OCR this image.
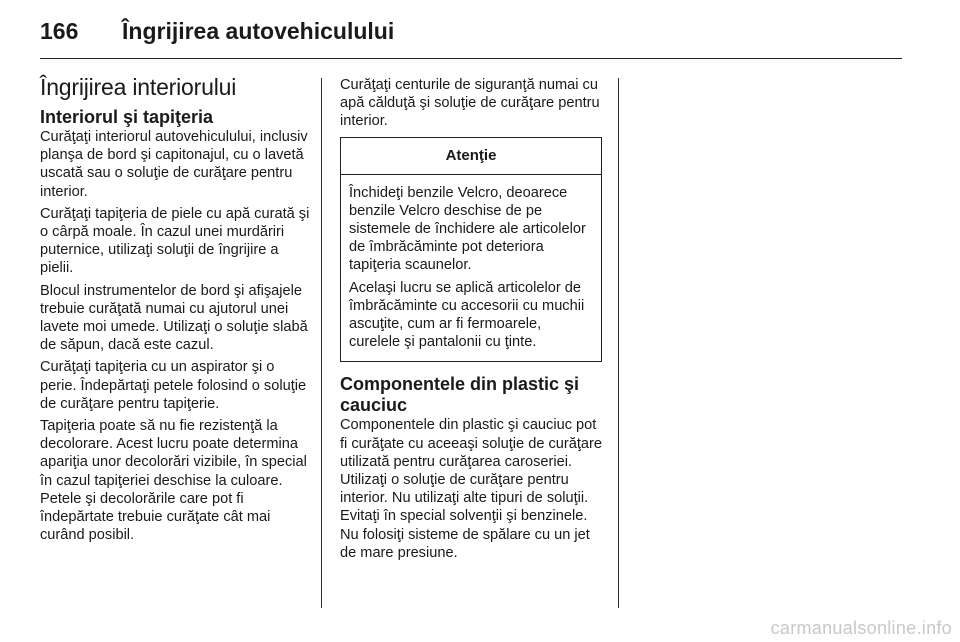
166 Îngrijirea autovehiculului
Îngrijirea interiorului
Interiorul şi tapiţeria

Curăţaţi interiorul autovehiculului, inclusiv planşa de bord şi capitonajul, cu o lavetă uscată sau o soluţie de curăţare pentru interior.

Curăţaţi tapiţeria de piele cu apă curată şi o cârpă moale. În cazul unei murdăriri puternice, utilizaţi soluţii de îngrijire a pielii.

Blocul instrumentelor de bord şi afişajele trebuie curăţată numai cu ajutorul unei lavete moi umede. Utilizaţi o soluţie slabă de săpun, dacă este cazul.

Curăţaţi tapiţeria cu un aspirator şi o perie. Îndepărtaţi petele folosind o soluţie de curăţare pentru tapiţerie.

Tapiţeria poate să nu fie rezistenţă la decolorare. Acest lucru poate determina apariţia unor decolorări vizibile, în special în cazul tapiţeriei deschise la culoare. Petele şi decolorările care pot fi îndepărtate trebuie curăţate cât mai curând posibil.

Curăţaţi centurile de siguranţă numai cu apă călduţă şi soluţie de curăţare pentru interior.

Atenţie

Închideţi benzile Velcro, deoarece benzile Velcro deschise de pe sistemele de închidere ale articolelor de îmbrăcăminte pot deteriora tapiţeria scaunelor.

Acelaşi lucru se aplică articolelor de îmbrăcăminte cu accesorii cu muchii ascuţite, cum ar fi fermoarele, curelele şi pantalonii cu ţinte.

Componentele din plastic şi cauciuc

Componentele din plastic şi cauciuc pot fi curăţate cu aceeaşi soluţie de curăţare utilizată pentru curăţarea caroseriei. Utilizaţi o soluţie de curăţare pentru interior. Nu utilizaţi alte tipuri de soluţii. Evitaţi în special solvenţii şi benzinele. Nu folosiţi sisteme de spălare cu un jet de mare presiune.

carmanualsonline.info
